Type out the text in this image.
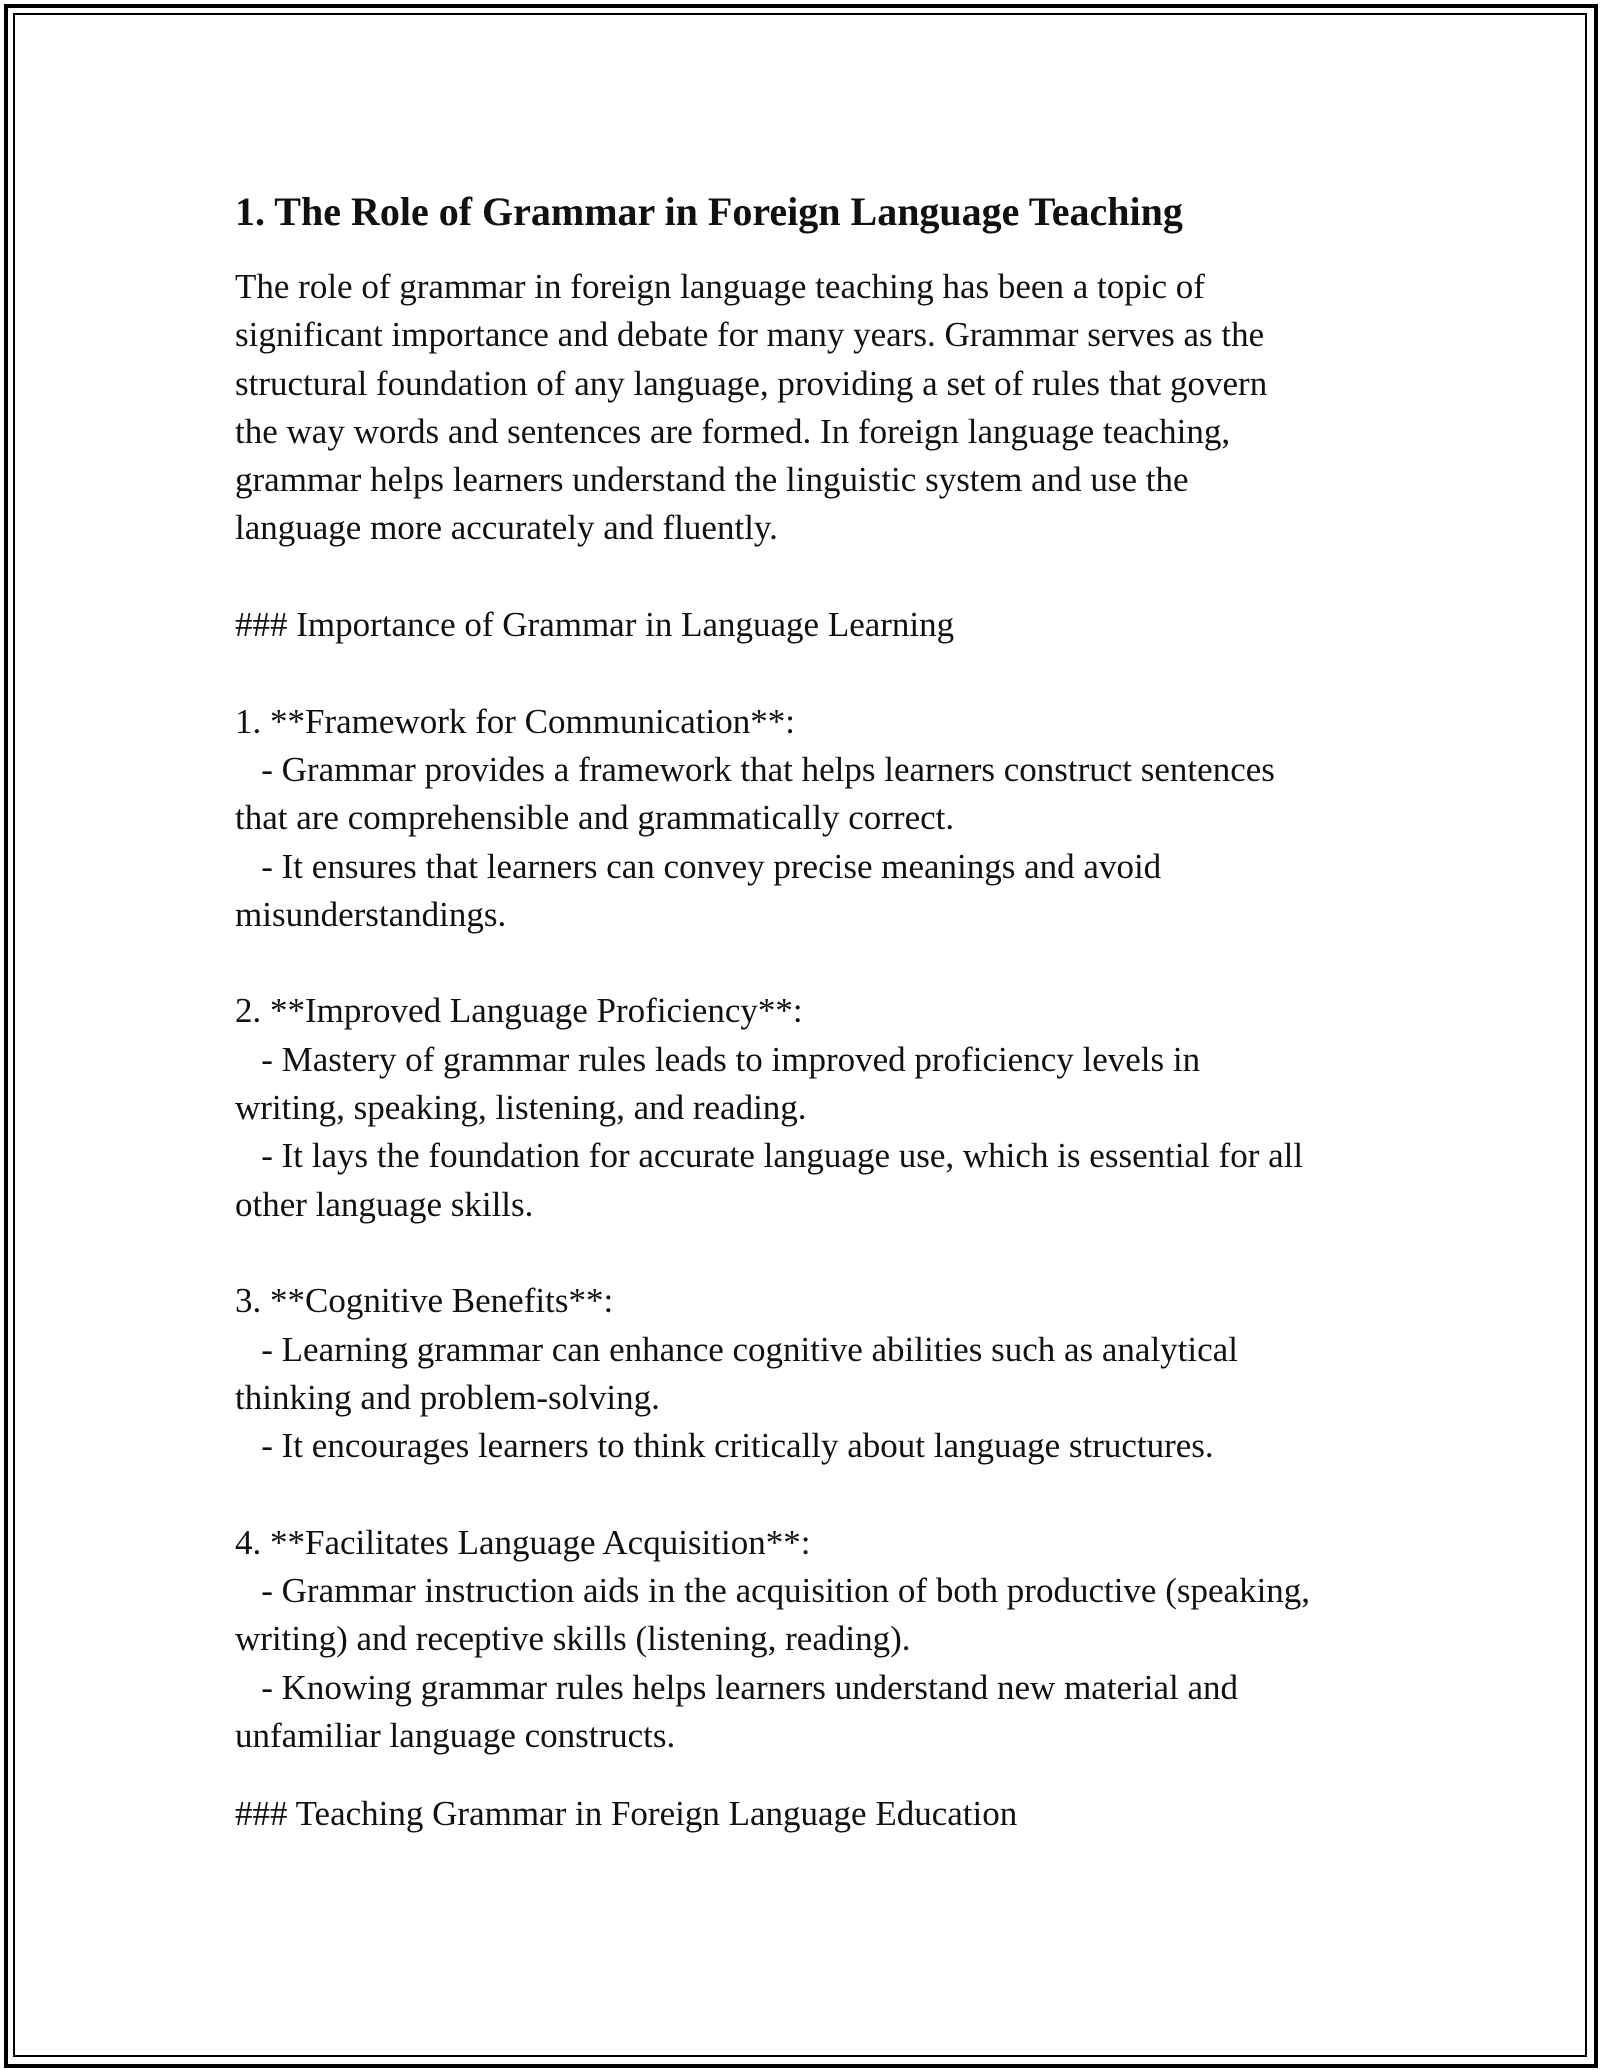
1. The Role of Grammar in Foreign Language Teaching

The role of grammar in foreign language teaching has been a topic of

significant importance and debate for many years. Grammar serves as the

structural foundation of any language, providing a set of rules that govern

the way words and sentences are formed. In foreign language teaching,

grammar helps learners understand the linguistic system and use the

language more accurately and fluently.

### Importance of Grammar in Language Learning

1. **Framework for Communication**:

- Grammar provides a framework that helps learners construct sentences

that are comprehensible and grammatically correct.

- It ensures that learners can convey precise meanings and avoid

misunderstandings.

2. **Improved Language Proficiency**:

- Mastery of grammar rules leads to improved proficiency levels in

writing, speaking, listening, and reading.

- It lays the foundation for accurate language use, which is essential for all

other language skills.

3. **Cognitive Benefits**:

- Learning grammar can enhance cognitive abilities such as analytical

thinking and problem-solving.

- It encourages learners to think critically about language structures.

4. **Facilitates Language Acquisition**:

- Grammar instruction aids in the acquisition of both productive (speaking,

writing) and receptive skills (listening, reading).

- Knowing grammar rules helps learners understand new material and

unfamiliar language constructs.

### Teaching Grammar in Foreign Language Education
